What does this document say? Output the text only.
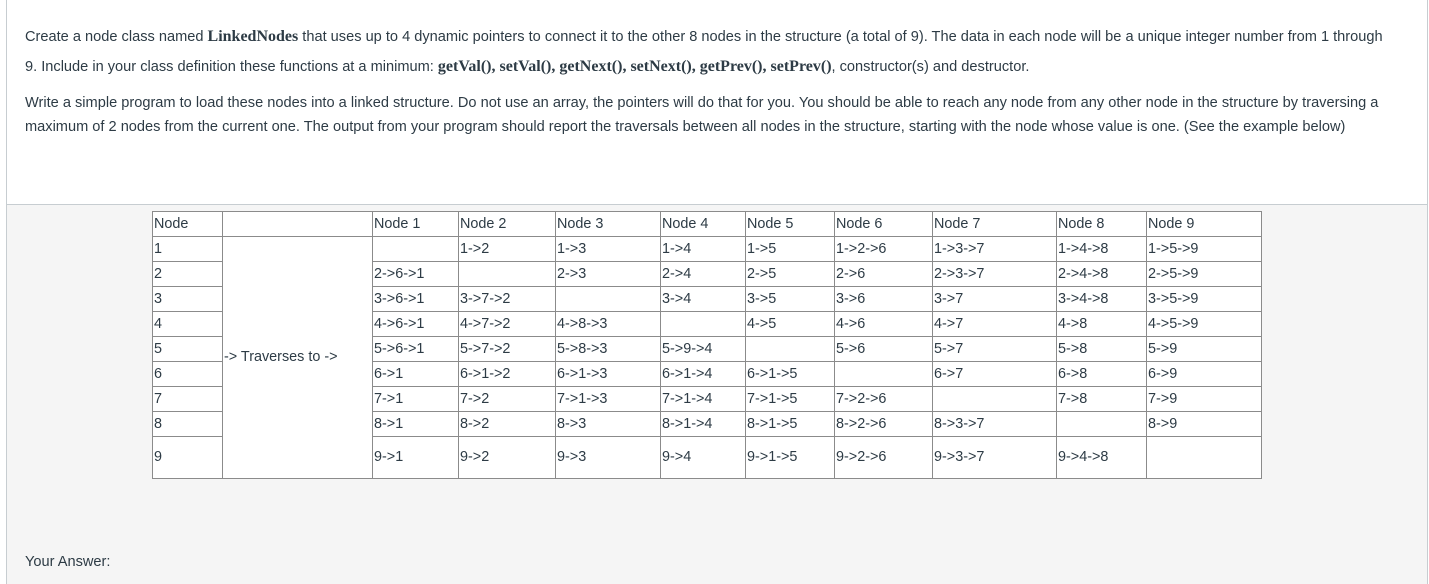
Create a node class named LinkedNodes that uses up to 4 dynamic pointers to connect it to the other 8 nodes in the structure (a total of 9). The data in each node will be a unique integer number from 1 through 9. Include in your class definition these functions at a minimum: getVal(), setVal(), getNext(), setNext(), getPrev(), setPrev(), constructor(s) and destructor.

Write a simple program to load these nodes into a linked structure. Do not use an array, the pointers will do that for you. You should be able to reach any node from any other node in the structure by traversing a maximum of 2 nodes from the current one. The output from your program should report the traversals between all nodes in the structure, starting with the node whose value is one. (See the example below)

Node		Node 1	Node 2	Node 3	Node 4	Node 5	Node 6	Node 7	Node 8	Node 9
1	-> Traverses to ->		1->2	1->3	1->4	1->5	1->2->6	1->3->7	1->4->8	1->5->9
2		2->6->1		2->3	2->4	2->5	2->6	2->3->7	2->4->8	2->5->9
3		3->6->1	3->7->2		3->4	3->5	3->6	3->7	3->4->8	3->5->9
4		4->6->1	4->7->2	4->8->3		4->5	4->6	4->7	4->8	4->5->9
5		5->6->1	5->7->2	5->8->3	5->9->4		5->6	5->7	5->8	5->9
6		6->1	6->1->2	6->1->3	6->1->4	6->1->5		6->7	6->8	6->9
7		7->1	7->2	7->1->3	7->1->4	7->1->5	7->2->6		7->8	7->9
8		8->1	8->2	8->3	8->1->4	8->1->5	8->2->6	8->3->7		8->9
9		9->1	9->2	9->3	9->4	9->1->5	9->2->6	9->3->7	9->4->8	
Your Answer:
